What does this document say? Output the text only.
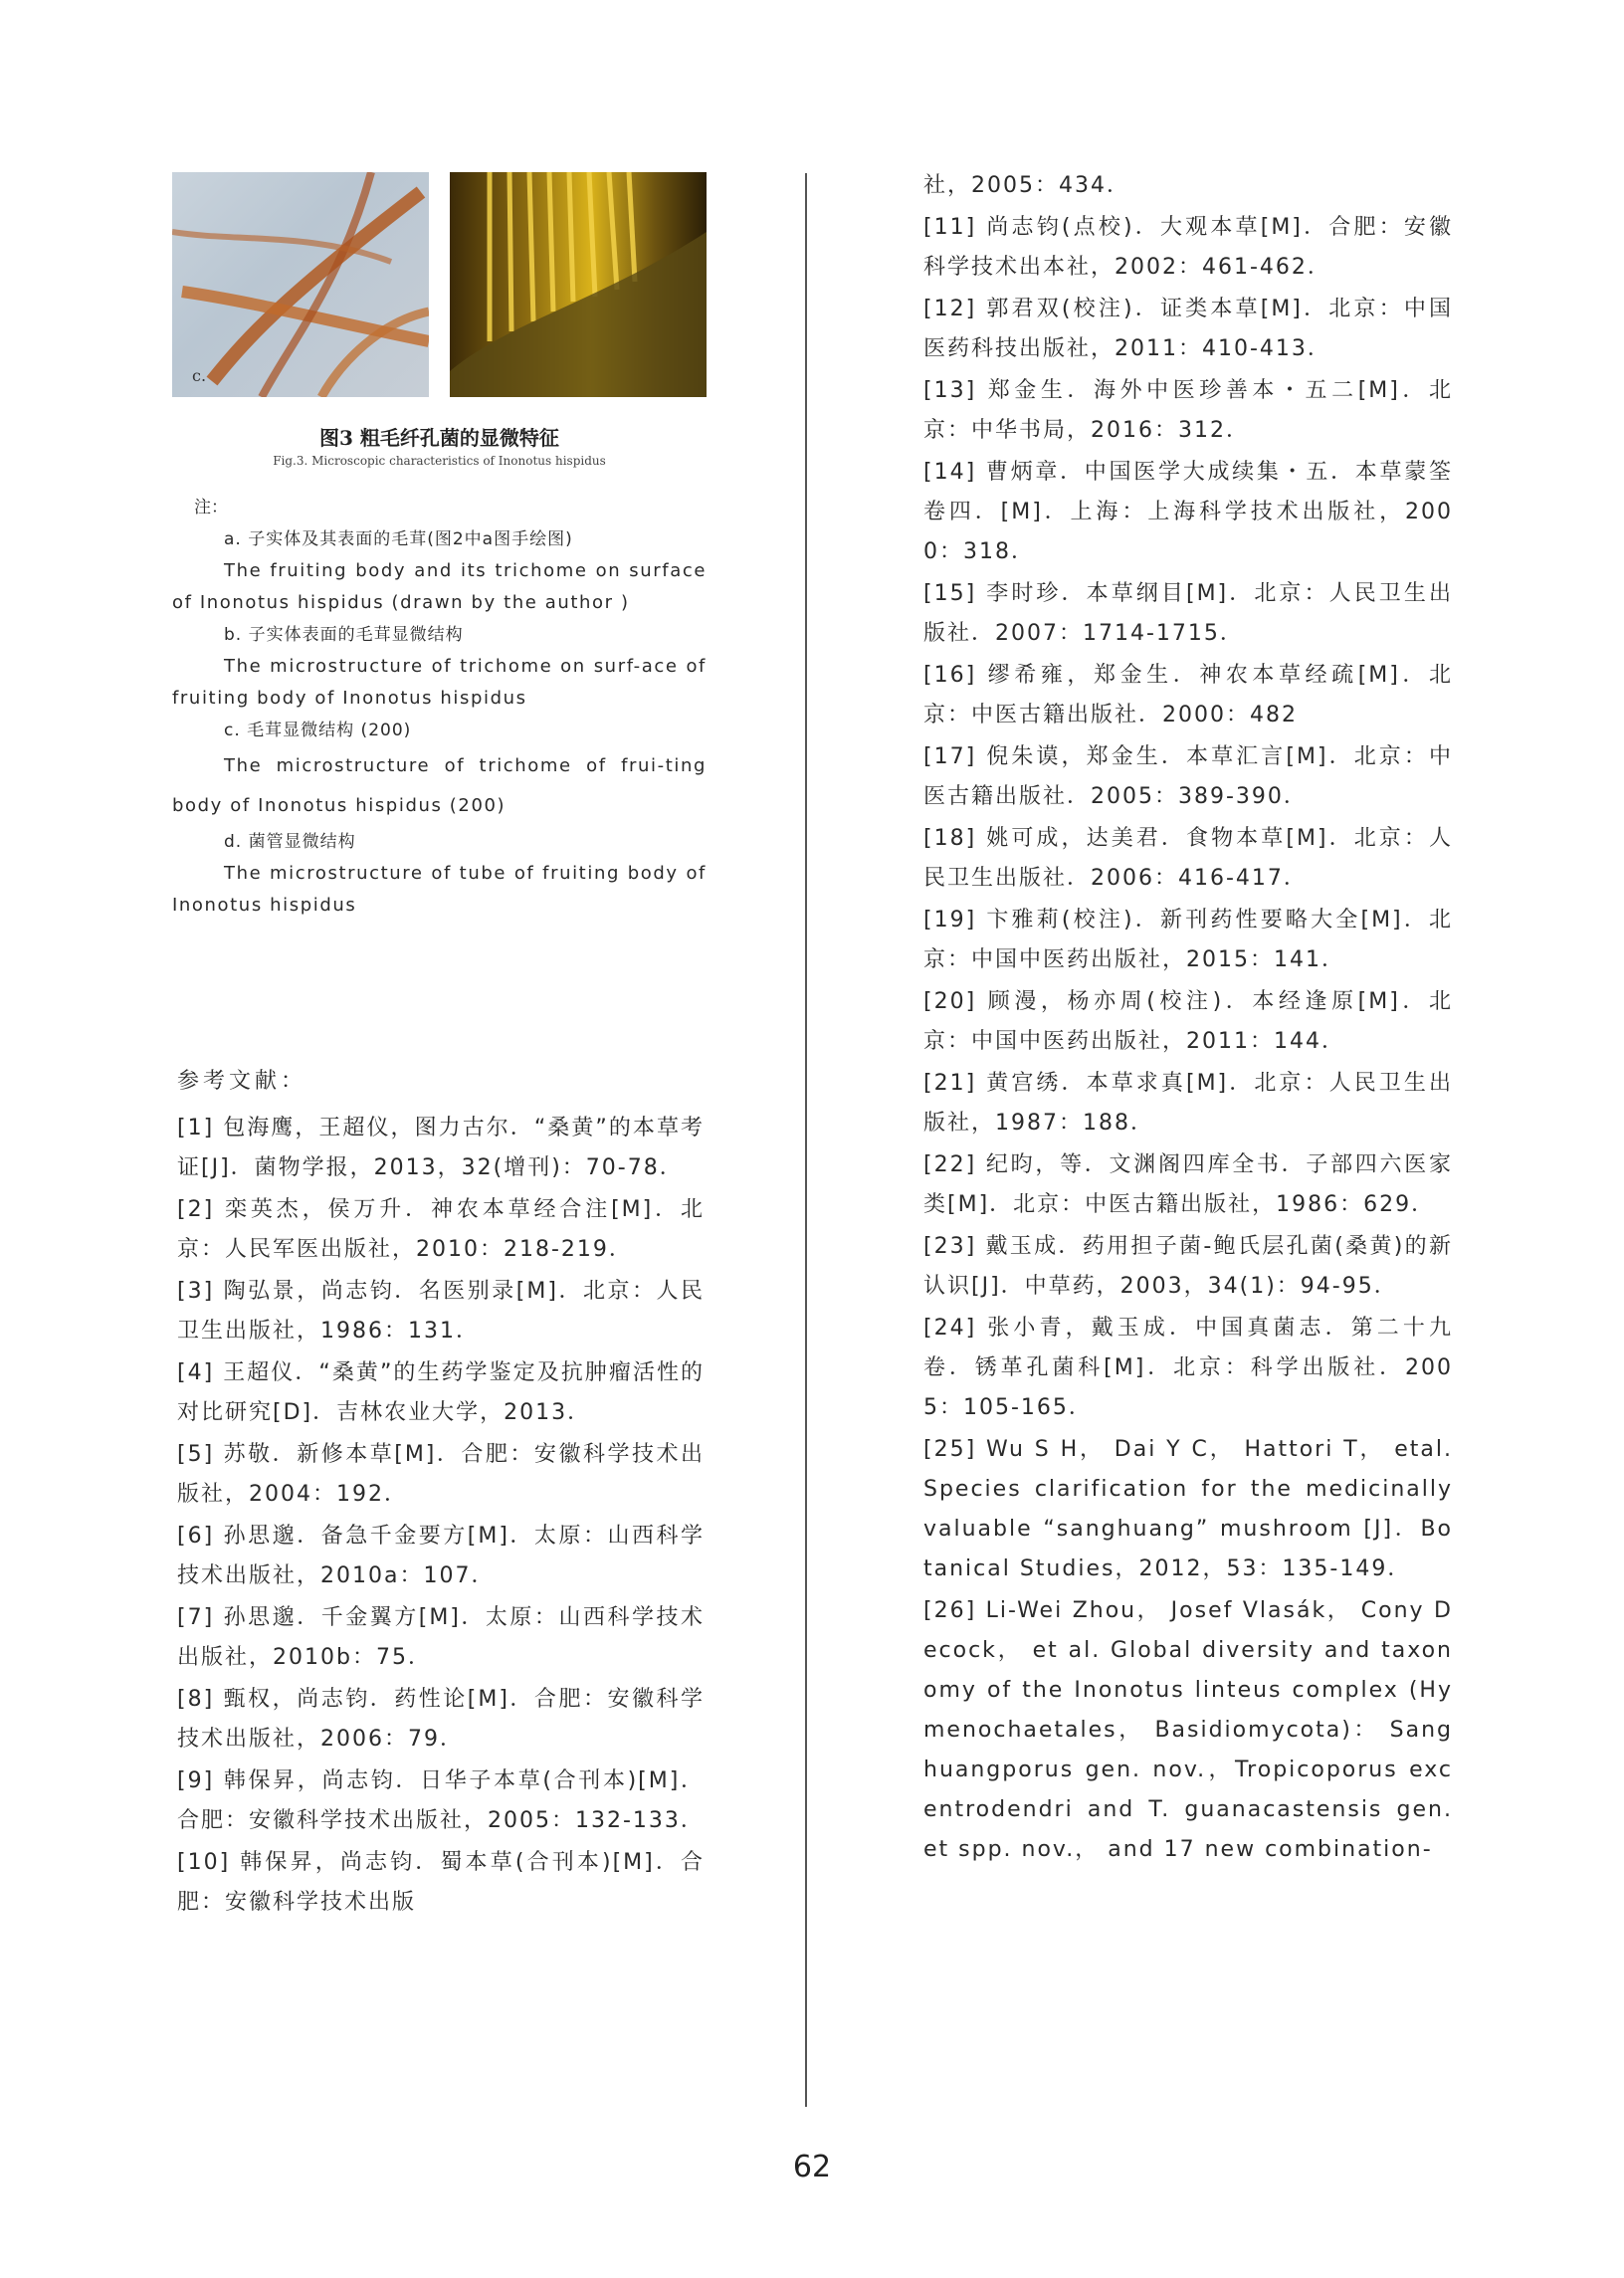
c.
图3 粗毛纤孔菌的显微特征
Fig.3. Microscopic characteristics of Inonotus hispidus
注：
a. 子实体及其表面的毛茸(图2中a图手绘图)

The fruiting body and its trichome on surface of Inonotus hispidus (drawn by the author )

b. 子实体表面的毛茸显微结构

The microstructure of trichome on surf-ace of fruiting body of Inonotus hispidus

c. 毛茸显微结构 (200)

The microstructure of trichome of frui-ting body of Inonotus hispidus (200)

d. 菌管显微结构

The microstructure of tube of fruiting body of Inonotus hispidus

参考文献：

[1] 包海鹰，王超仪，图力古尔．“桑黄”的本草考证[J]．菌物学报，2013，32(增刊)：70-78．

[2] 栾英杰，侯万升．神农本草经合注[M]．北京：人民军医出版社，2010：218-219．

[3] 陶弘景，尚志钧．名医别录[M]．北京：人民卫生出版社，1986：131．

[4] 王超仪．“桑黄”的生药学鉴定及抗肿瘤活性的对比研究[D]．吉林农业大学，2013．

[5] 苏敬．新修本草[M]．合肥：安徽科学技术出版社，2004：192．

[6] 孙思邈．备急千金要方[M]．太原：山西科学技术出版社，2010a：107．

[7] 孙思邈．千金翼方[M]．太原：山西科学技术出版社，2010b：75．

[8] 甄权，尚志钧．药性论[M]．合肥：安徽科学技术出版社，2006：79．

[9] 韩保昇，尚志钧．日华子本草(合刊本)[M]．合肥：安徽科学技术出版社，2005：132-133．

[10] 韩保昇，尚志钧．蜀本草(合刊本)[M]．合肥：安徽科学技术出版

社，2005：434．

[11] 尚志钧(点校)．大观本草[M]．合肥：安徽科学技术出本社，2002：461-462．

[12] 郭君双(校注)．证类本草[M]．北京：中国医药科技出版社，2011：410-413．

[13] 郑金生．海外中医珍善本・五二[M]．北京：中华书局，2016：312．

[14] 曹炳章．中国医学大成续集・五．本草蒙筌卷四．[M]．上海：上海科学技术出版社，2000：318．

[15] 李时珍．本草纲目[M]．北京：人民卫生出版社．2007：1714-1715．

[16] 缪希雍，郑金生．神农本草经疏[M]．北京：中医古籍出版社．2000：482

[17] 倪朱谟，郑金生．本草汇言[M]．北京：中医古籍出版社．2005：389-390．

[18] 姚可成，达美君．食物本草[M]．北京：人民卫生出版社．2006：416-417．

[19] 卞雅莉(校注)．新刊药性要略大全[M]．北京：中国中医药出版社，2015：141．

[20] 顾漫，杨亦周(校注)．本经逢原[M]．北京：中国中医药出版社，2011：144．

[21] 黄宫绣．本草求真[M]．北京：人民卫生出版社，1987：188．

[22] 纪昀，等．文渊阁四库全书．子部四六医家类[M]．北京：中医古籍出版社，1986：629．

[23] 戴玉成．药用担子菌-鲍氏层孔菌(桑黄)的新认识[J]．中草药，2003，34(1)：94-95．

[24] 张小青，戴玉成．中国真菌志．第二十九卷．锈革孔菌科[M]．北京：科学出版社．2005：105-165．

[25] Wu S H， Dai Y C， Hattori T， etal. Species clarification for the medicinally valuable “sanghuang” mushroom [J]．Botanical Studies，2012，53：135-149．

[26] Li-Wei Zhou， Josef Vlasák， Cony Decock， et al. Global diversity and taxonomy of the Inonotus linteus complex (Hymenochaetales， Basidiomycota)： Sanghuangporus gen. nov.，Tropicoporus excentrodendri and T. guanacastensis gen. et spp. nov.， and 17 new combination-

62
